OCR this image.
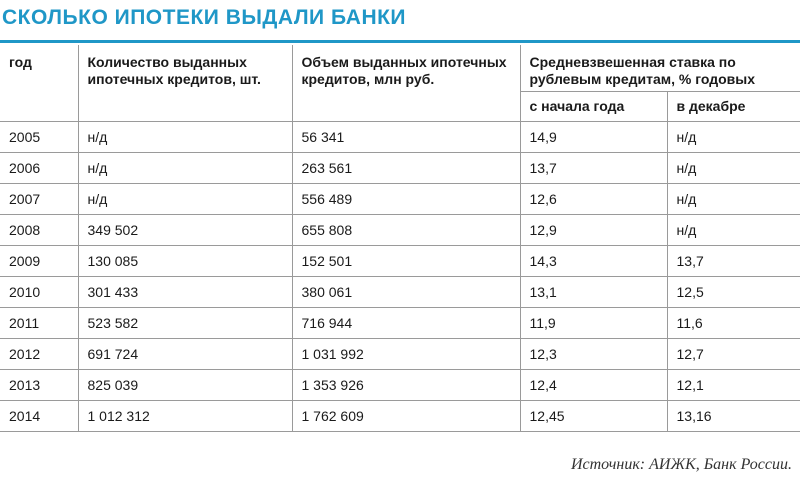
СКОЛЬКО ИПОТЕКИ ВЫДАЛИ БАНКИ
год	Количество выданных ипотечных кредитов, шт.	Объем выданных ипотечных кредитов, млн руб.	Средневзвешенная ставка по рублевым кредитам, % годовых	
			с начала года	в декабре
2005	н/д	56 341	14,9	н/д
2006	н/д	263 561	13,7	н/д
2007	н/д	556 489	12,6	н/д
2008	349 502	655 808	12,9	н/д
2009	130 085	152 501	14,3	13,7
2010	301 433	380 061	13,1	12,5
2011	523 582	716 944	11,9	11,6
2012	691 724	1 031 992	12,3	12,7
2013	825 039	1 353 926	12,4	12,1
2014	1 012 312	1 762 609	12,45	13,16
Источник: АИЖК, Банк России.
